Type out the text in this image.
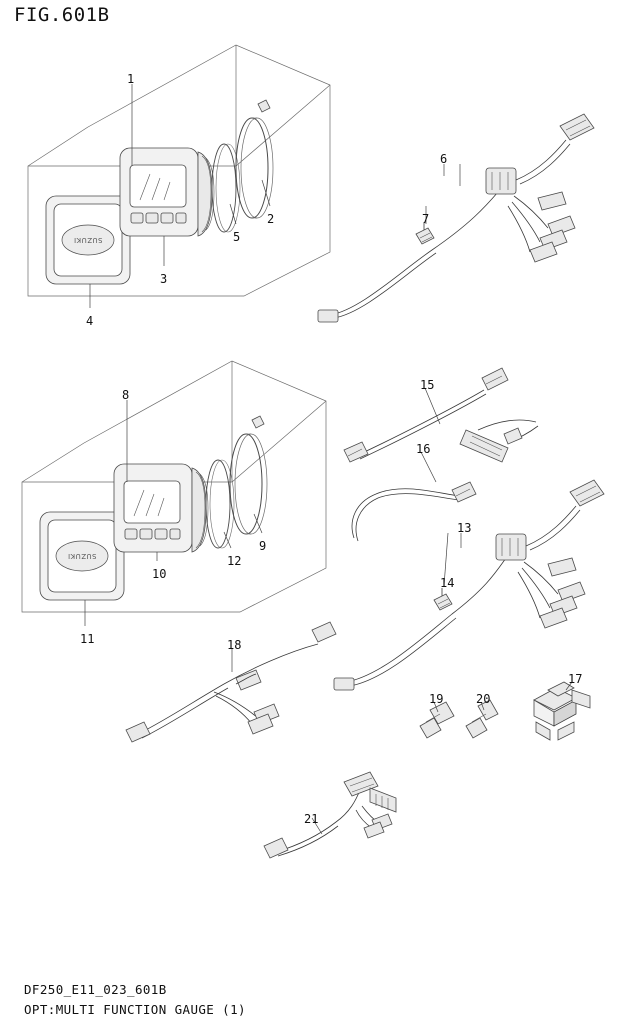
FIG.601B
SUZUKI
SUZUKI
1
2
3
4
5
6
7
8
9
10
11
12
13
14
15
16
17
18
19	20
21
DF250_E11_023_601B
OPT:MULTI FUNCTION GAUGE (1)
